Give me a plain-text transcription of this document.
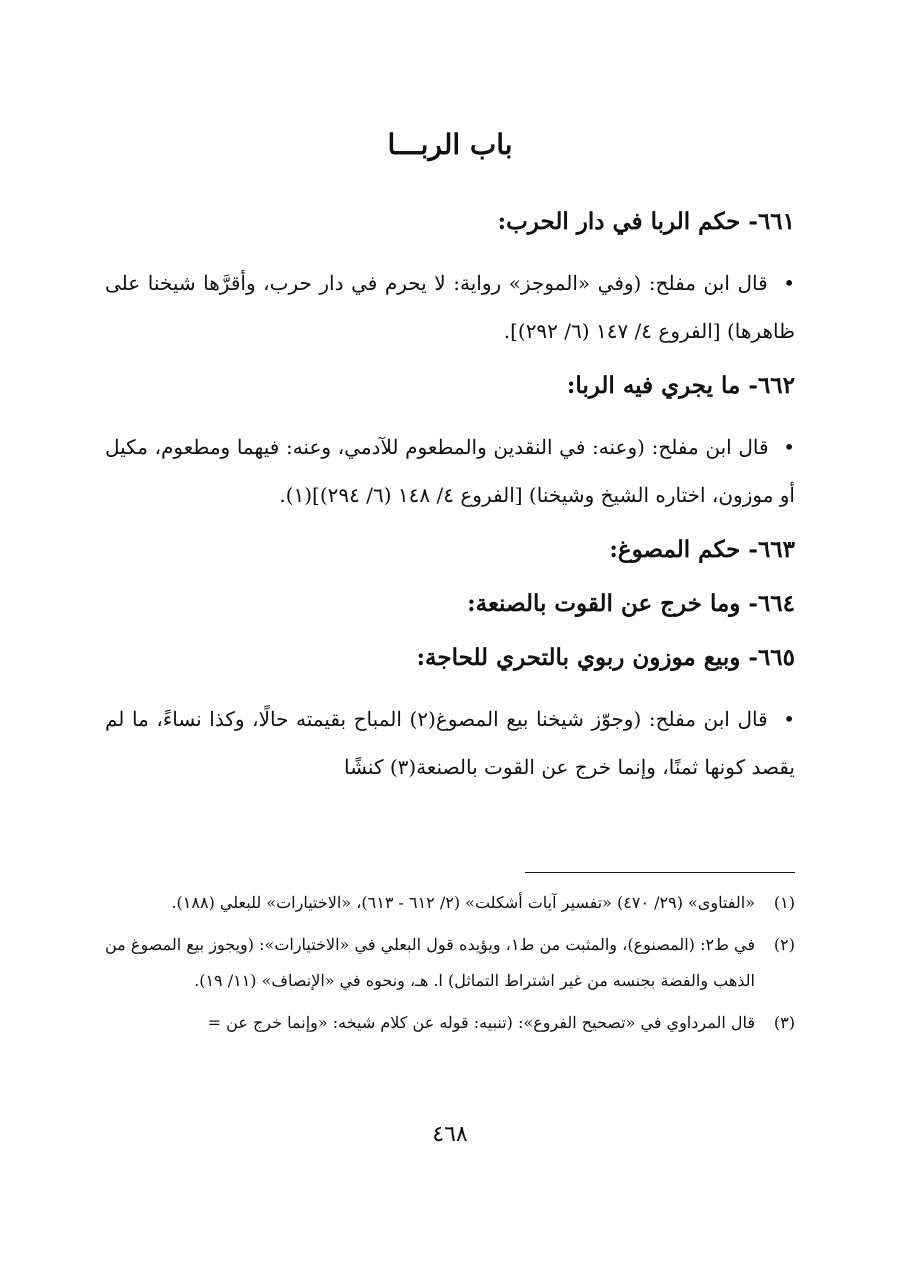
باب الربـــا
٦٦١- حكم الربا في دار الحرب:
• قال ابن مفلح: (وفي «الموجز» رواية: لا يحرم في دار حرب، وأقرَّها شيخنا على ظاهرها) [الفروع ٤/ ١٤٧ (٦/ ٢٩٢)].
٦٦٢- ما يجري فيه الربا:
• قال ابن مفلح: (وعنه: في النقدين والمطعوم للآدمي، وعنه: فيهما ومطعوم، مكيل أو موزون، اختاره الشيخ وشيخنا) [الفروع ٤/ ١٤٨ (٦/ ٢٩٤)](١).
٦٦٣- حكم المصوغ:
٦٦٤- وما خرج عن القوت بالصنعة:
٦٦٥- وبيع موزون ربوي بالتحري للحاجة:
• قال ابن مفلح: (وجوّز شيخنا بيع المصوغ(٢) المباح بقيمته حالًا، وكذا نساءً، ما لم يقصد كونها ثمنًا، وإنما خرج عن القوت بالصنعة(٣) كنشًا
(١)
«الفتاوى» (٢٩/ ٤٧٠) «تفسير آيات أشكلت» (٢/ ٦١٢ - ٦١٣)، «الاختيارات» للبعلي (١٨٨).
(٢)
في ط٢: (المصنوع)، والمثبت من ط١، ويؤيده قول البعلي في «الاختيارات»: (ويجوز بيع المصوغ من الذهب والفضة بجنسه من غير اشتراط التماثل) ا. هـ، ونحوه في «الإنصاف» (١١/ ١٩).
(٣)
قال المرداوي في «تصحيح الفروع»: (تنبيه: قوله عن كلام شيخه: «وإنما خرج عن =
٤٦٨
